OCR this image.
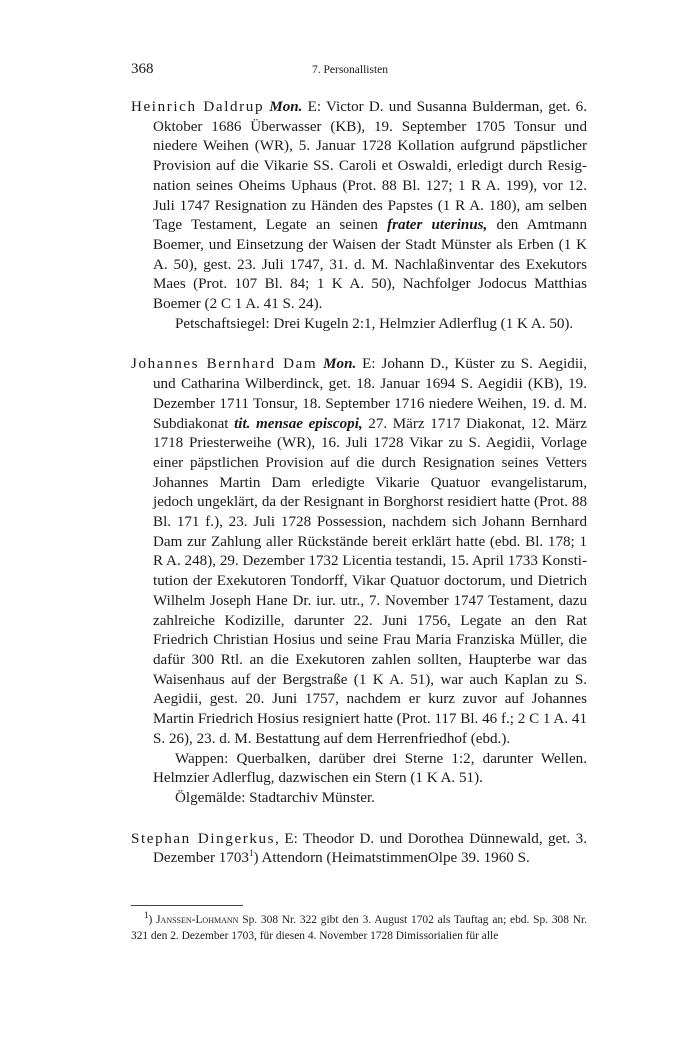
368	7. Personallisten
Heinrich Daldrup Mon. E: Victor D. und Susanna Bulderman, get. 6. Oktober 1686 Überwasser (KB), 19. September 1705 Tonsur und niedere Weihen (WR), 5. Januar 1728 Kollation aufgrund päpstlicher Provision auf die Vikarie SS. Caroli et Oswaldi, erledigt durch Resignation seines Oheims Uphaus (Prot. 88 Bl. 127; 1 R A. 199), vor 12. Juli 1747 Resignation zu Händen des Papstes (1 R A. 180), am selben Tage Testament, Legate an seinen frater uterinus, den Amtmann Boemer, und Einsetzung der Waisen der Stadt Münster als Erben (1 K A. 50), gest. 23. Juli 1747, 31. d. M. Nachlaßinventar des Exekutors Maes (Prot. 107 Bl. 84; 1 K A. 50), Nachfolger Jodocus Matthias Boemer (2 C 1 A. 41 S. 24).
Petschaftsiegel: Drei Kugeln 2:1, Helmzier Adlerflug (1 K A. 50).
Johannes Bernhard Dam Mon. E: Johann D., Küster zu S. Aegidii, und Catharina Wilberdinck, get. 18. Januar 1694 S. Aegidii (KB), 19. Dezember 1711 Tonsur, 18. September 1716 niedere Weihen, 19. d. M. Subdiakonat tit. mensae episcopi, 27. März 1717 Diakonat, 12. März 1718 Priesterweihe (WR), 16. Juli 1728 Vikar zu S. Aegidii, Vorlage einer päpstlichen Provision auf die durch Resignation seines Vetters Johannes Martin Dam erledigte Vikarie Quatuor evangelistarum, jedoch ungeklärt, da der Resignant in Borghorst residiert hatte (Prot. 88 Bl. 171 f.), 23. Juli 1728 Possession, nachdem sich Johann Bernhard Dam zur Zahlung aller Rückstände bereit erklärt hatte (ebd. Bl. 178; 1 R A. 248), 29. Dezember 1732 Licentia testandi, 15. April 1733 Konstitution der Exekutoren Tondorff, Vikar Quatuor doctorum, und Dietrich Wilhelm Joseph Hane Dr. iur. utr., 7. November 1747 Testament, dazu zahlreiche Kodizille, darunter 22. Juni 1756, Legate an den Rat Friedrich Christian Hosius und seine Frau Maria Franziska Müller, die dafür 300 Rtl. an die Exekutoren zahlen sollten, Haupterbe war das Waisenhaus auf der Bergstraße (1 K A. 51), war auch Kaplan zu S. Aegidii, gest. 20. Juni 1757, nachdem er kurz zuvor auf Johannes Martin Friedrich Hosius resigniert hatte (Prot. 117 Bl. 46 f.; 2 C 1 A. 41 S. 26), 23. d. M. Bestattung auf dem Herrenfriedhof (ebd.).
Wappen: Querbalken, darüber drei Sterne 1:2, darunter Wellen. Helmzier Adlerflug, dazwischen ein Stern (1 K A. 51).
Ölgemälde: Stadtarchiv Münster.
Stephan Dingerkus, E: Theodor D. und Dorothea Dünnewald, get. 3. Dezember 1703$^1$) Attendorn (HeimatstimmenOlpe 39. 1960 S.
$^1$) Janssen-Lohmann Sp. 308 Nr. 322 gibt den 3. August 1702 als Tauftag an; ebd. Sp. 308 Nr. 321 den 2. Dezember 1703, für diesen 4. November 1728 Dimissorialien für alle
